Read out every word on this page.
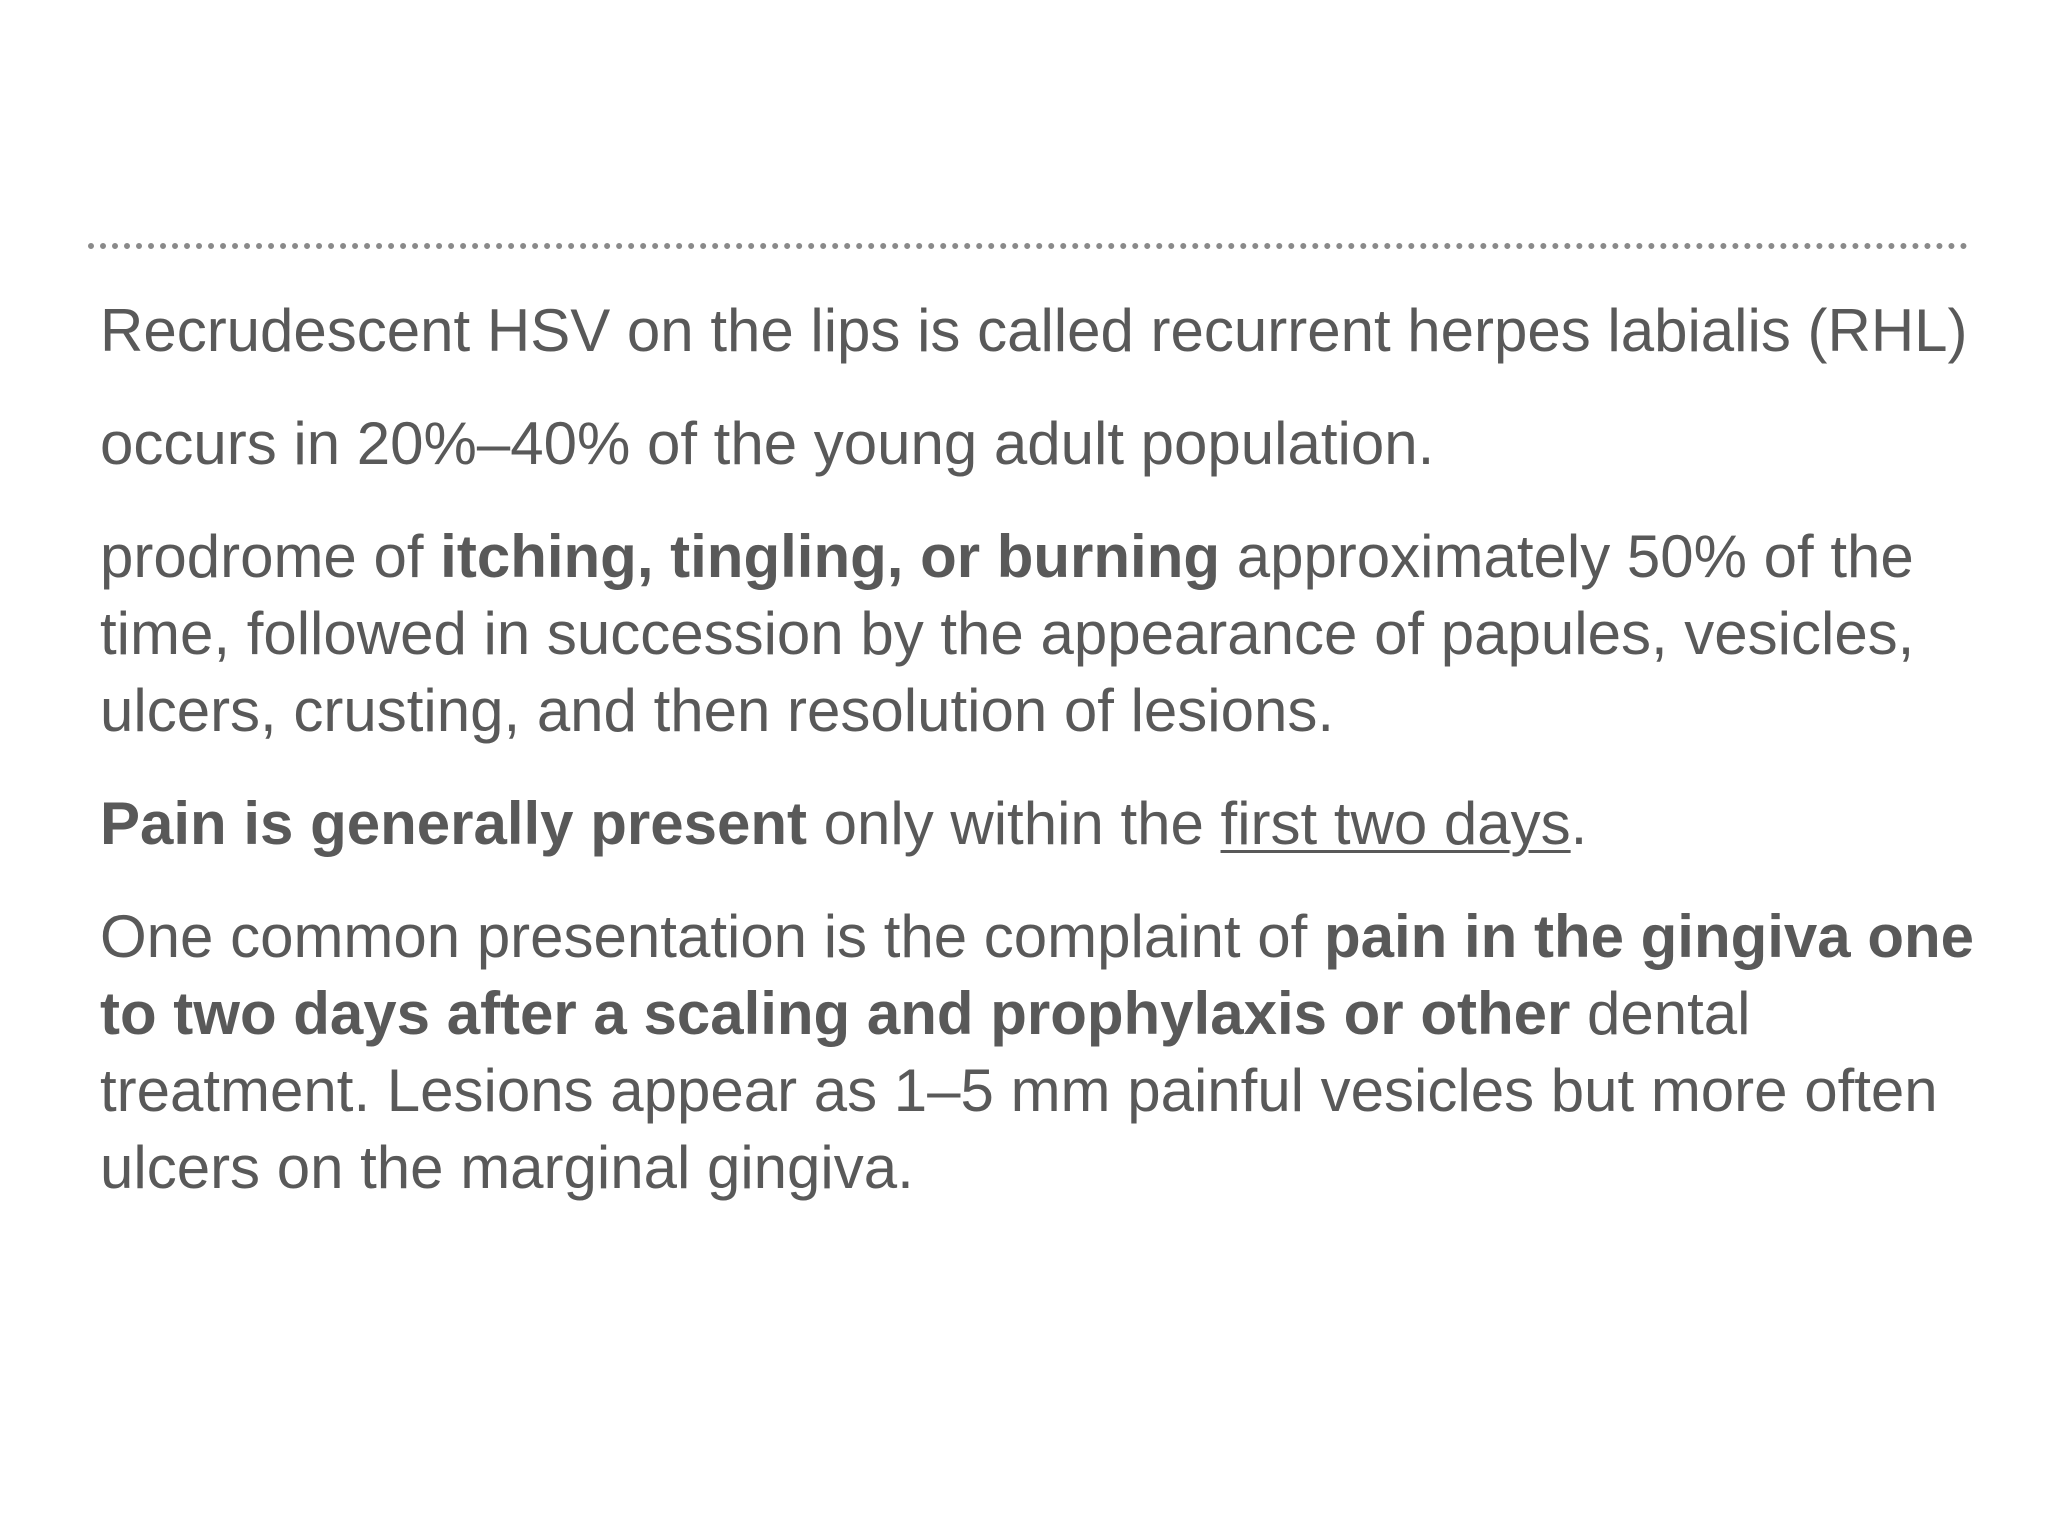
Recrudescent HSV on the lips is called recurrent herpes labialis (RHL)

occurs in 20%–40% of the young adult population.

prodrome of itching, tingling, or burning approximately 50% of the time, followed in succession by the appearance of papules, vesicles, ulcers, crusting, and then resolution of lesions.

Pain is generally present only within the first two days.

One common presentation is the complaint of pain in the gingiva one to two days after a scaling and prophylaxis or other dental treatment. Lesions appear as 1–5 mm painful vesicles but more often ulcers on the marginal gingiva.
